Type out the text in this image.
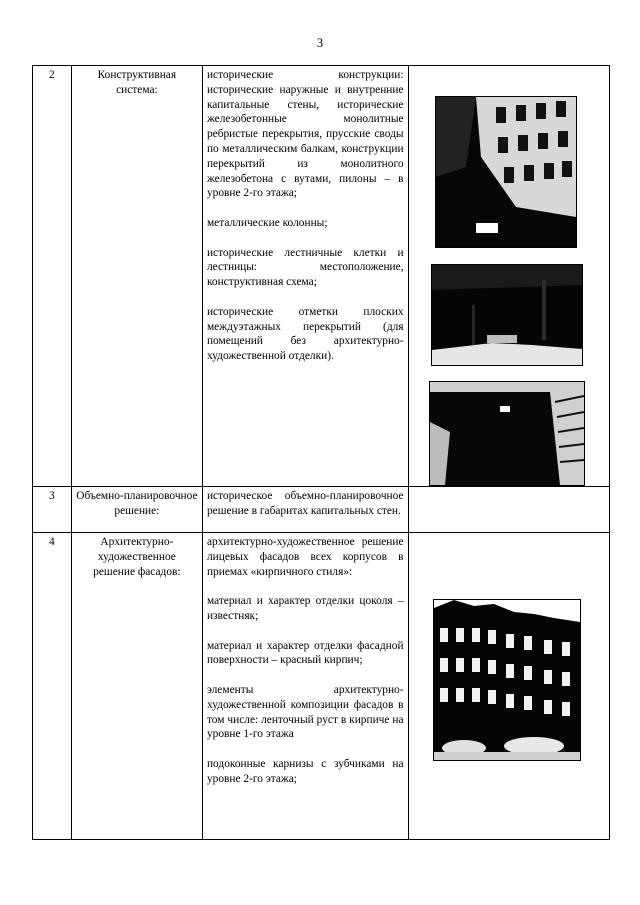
3
2	Конструктивная система:	исторические конструкции: исторические наружные и внутренние капитальные стены, исторические железобетонные монолитные ребристые перекрытия, прусские своды по металлическим балкам, конструкции перекрытий из монолитного железобетона с вутами, пилоны – в уровне 2-го этажа;

металлические колонны;

исторические лестничные клетки и лестницы: местоположение, конструктивная схема;

исторические отметки плоских междуэтажных перекрытий (для помещений без архитектурно-художественной отделки).

3	Объемно-планировочное решение:	историческое объемно-планировочное решение в габаритах капитальных стен.	

4	Архитектурно-художественное решение фасадов:	архитектурно-художественное решение лицевых фасадов всех корпусов в приемах «кирпичного стиля»:

материал и характер отделки цоколя – известняк;

материал и характер отделки фасадной поверхности – красный кирпич;

элементы архитектурно-художественной композиции фасадов в том числе: ленточный руст в кирпиче на уровне 1-го этажа

подоконные карнизы с зубчиками на уровне 2-го этажа;
